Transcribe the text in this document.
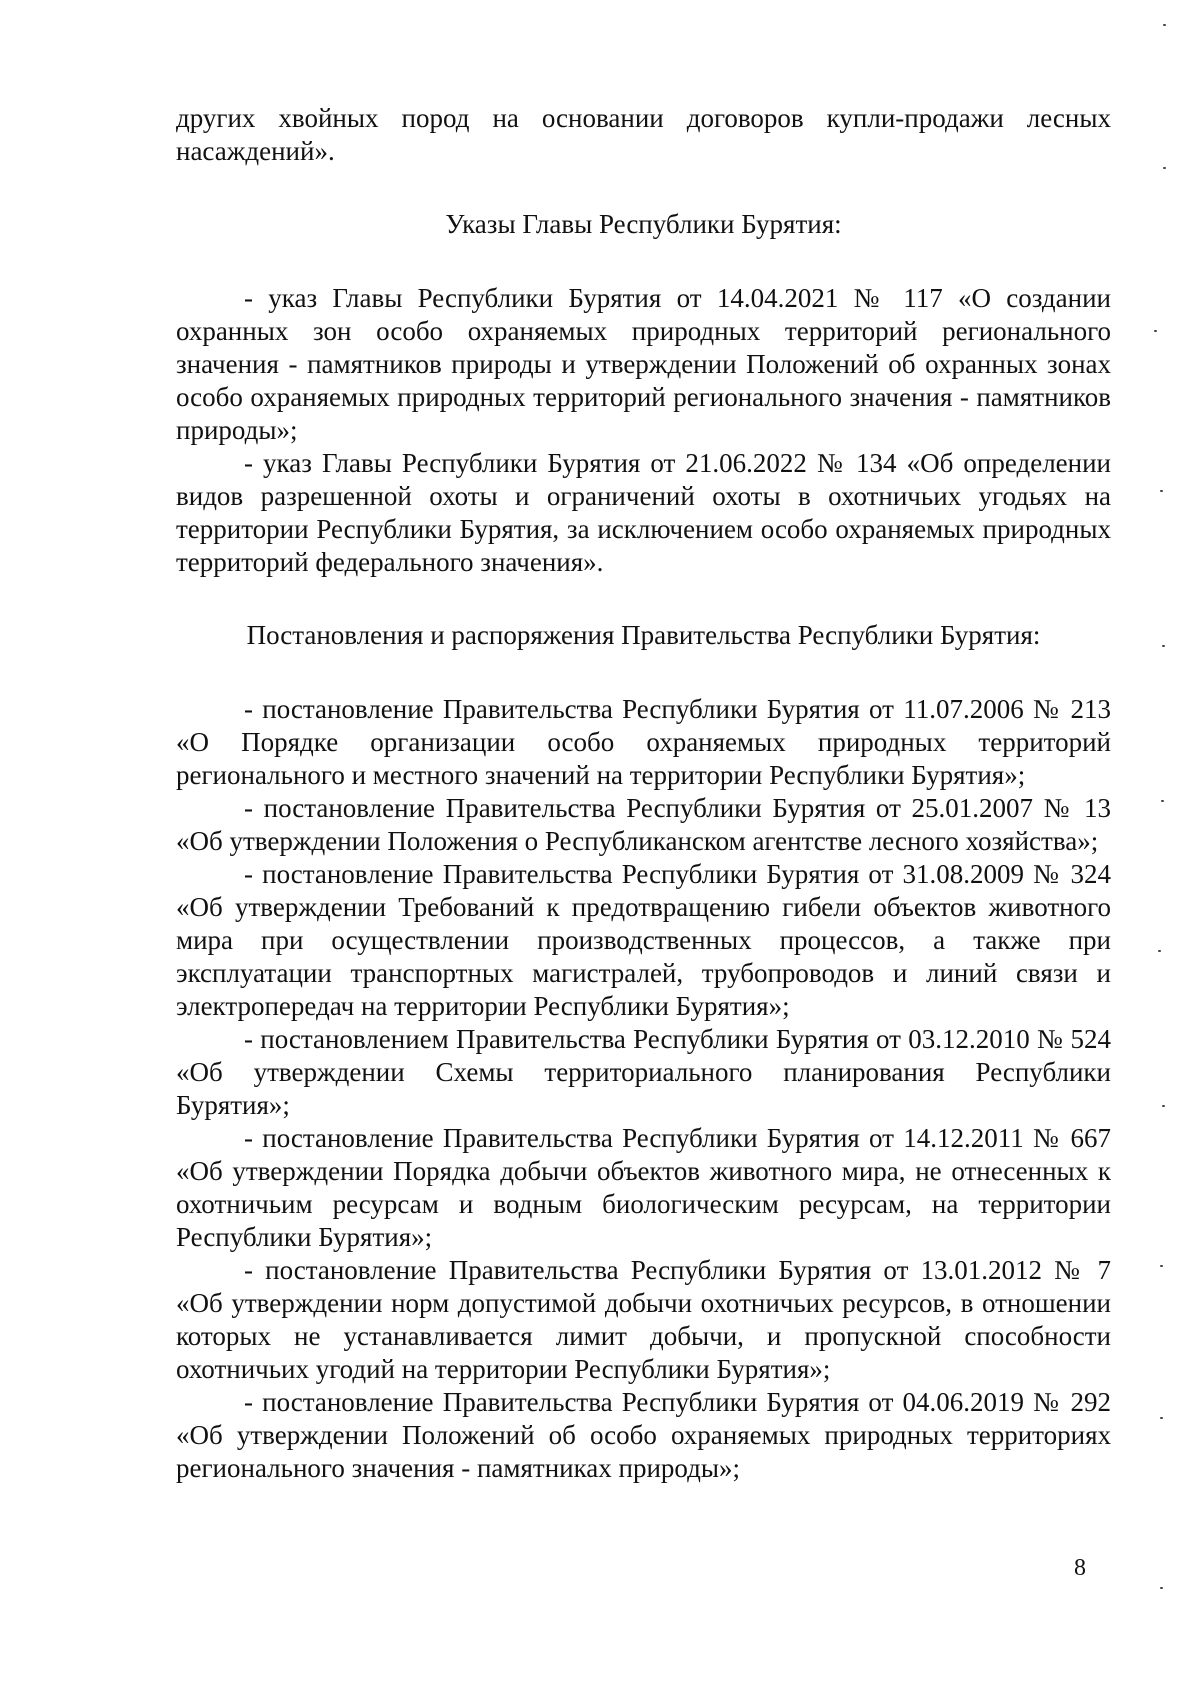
других хвойных пород на основании договоров купли-продажи лесных насаждений».

Указы Главы Республики Бурятия:

- указ Главы Республики Бурятия от 14.04.2021 № 117 «О создании охранных зон особо охраняемых природных территорий регионального значения - памятников природы и утверждении Положений об охранных зонах особо охраняемых природных территорий регионального значения - памятников природы»;

- указ Главы Республики Бурятия от 21.06.2022 № 134 «Об определении видов разрешенной охоты и ограничений охоты в охотничьих угодьях на территории Республики Бурятия, за исключением особо охраняемых природных территорий федерального значения».

Постановления и распоряжения Правительства Республики Бурятия:

- постановление Правительства Республики Бурятия от 11.07.2006 № 213 «О Порядке организации особо охраняемых природных территорий регионального и местного значений на территории Республики Бурятия»;

- постановление Правительства Республики Бурятия от 25.01.2007 № 13 «Об утверждении Положения о Республиканском агентстве лесного хозяйства»;

- постановление Правительства Республики Бурятия от 31.08.2009 № 324 «Об утверждении Требований к предотвращению гибели объектов животного мира при осуществлении производственных процессов, а также при эксплуатации транспортных магистралей, трубопроводов и линий связи и электропередач на территории Республики Бурятия»;

- постановлением Правительства Республики Бурятия от 03.12.2010 № 524 «Об утверждении Схемы территориального планирования Республики Бурятия»;

- постановление Правительства Республики Бурятия от 14.12.2011 № 667 «Об утверждении Порядка добычи объектов животного мира, не отнесенных к охотничьим ресурсам и водным биологическим ресурсам, на территории Республики Бурятия»;

- постановление Правительства Республики Бурятия от 13.01.2012 № 7 «Об утверждении норм допустимой добычи охотничьих ресурсов, в отношении которых не устанавливается лимит добычи, и пропускной способности охотничьих угодий на территории Республики Бурятия»;

- постановление Правительства Республики Бурятия от 04.06.2019 № 292 «Об утверждении Положений об особо охраняемых природных территориях регионального значения - памятниках природы»;

8
